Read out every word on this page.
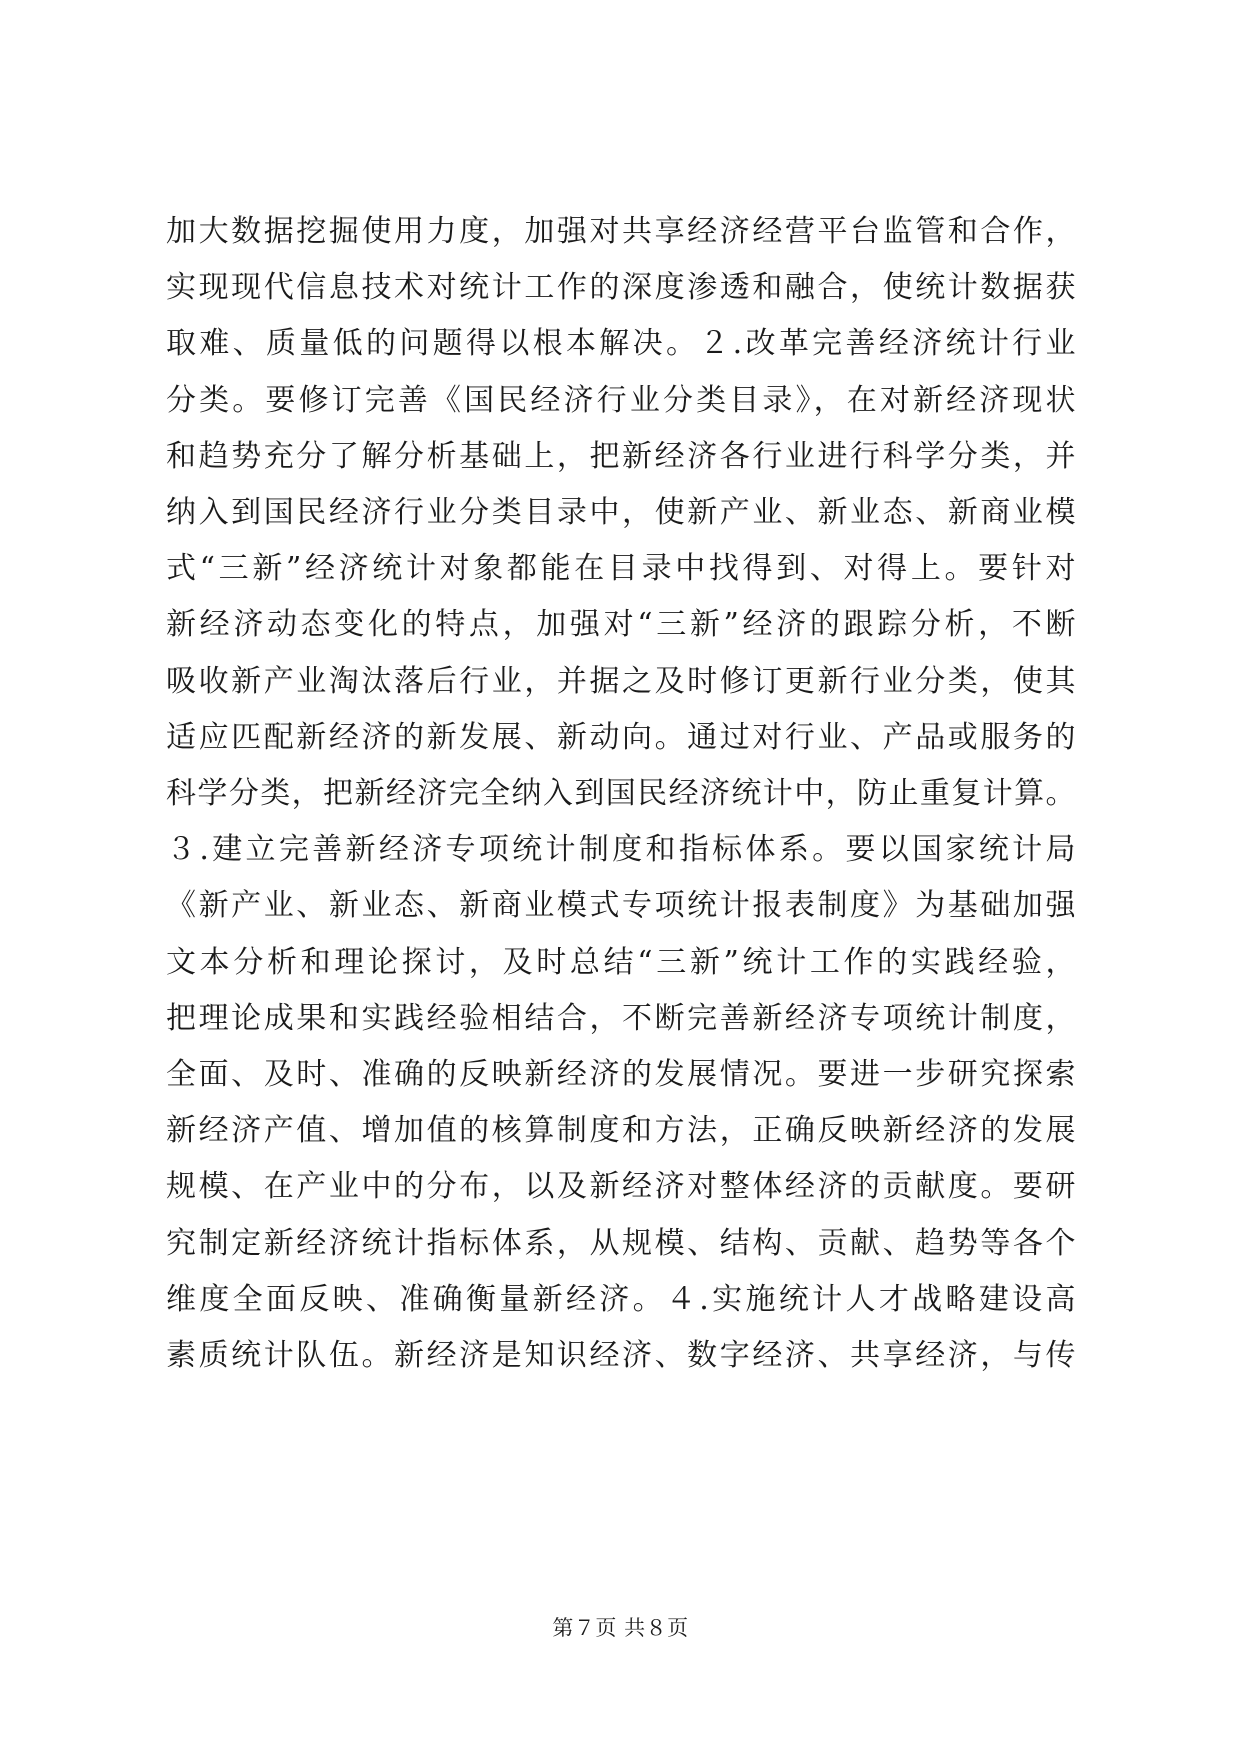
加大数据挖掘使用力度，加强对共享经济经营平台监管和合作，
实现现代信息技术对统计工作的深度渗透和融合，使统计数据获
取难、质量低的问题得以根本解决。２.改革完善经济统计行业
分类。要修订完善《国民经济行业分类目录》，在对新经济现状
和趋势充分了解分析基础上，把新经济各行业进行科学分类，并
纳入到国民经济行业分类目录中，使新产业、新业态、新商业模
式“三新”经济统计对象都能在目录中找得到、对得上。要针对
新经济动态变化的特点，加强对“三新”经济的跟踪分析，不断
吸收新产业淘汰落后行业，并据之及时修订更新行业分类，使其
适应匹配新经济的新发展、新动向。通过对行业、产品或服务的
科学分类，把新经济完全纳入到国民经济统计中，防止重复计算。
３.建立完善新经济专项统计制度和指标体系。要以国家统计局
《新产业、新业态、新商业模式专项统计报表制度》为基础加强
文本分析和理论探讨，及时总结“三新”统计工作的实践经验，
把理论成果和实践经验相结合，不断完善新经济专项统计制度，
全面、及时、准确的反映新经济的发展情况。要进一步研究探索
新经济产值、增加值的核算制度和方法，正确反映新经济的发展
规模、在产业中的分布，以及新经济对整体经济的贡献度。要研
究制定新经济统计指标体系，从规模、结构、贡献、趋势等各个
维度全面反映、准确衡量新经济。４.实施统计人才战略建设高
素质统计队伍。新经济是知识经济、数字经济、共享经济，与传
第７页 共８页
